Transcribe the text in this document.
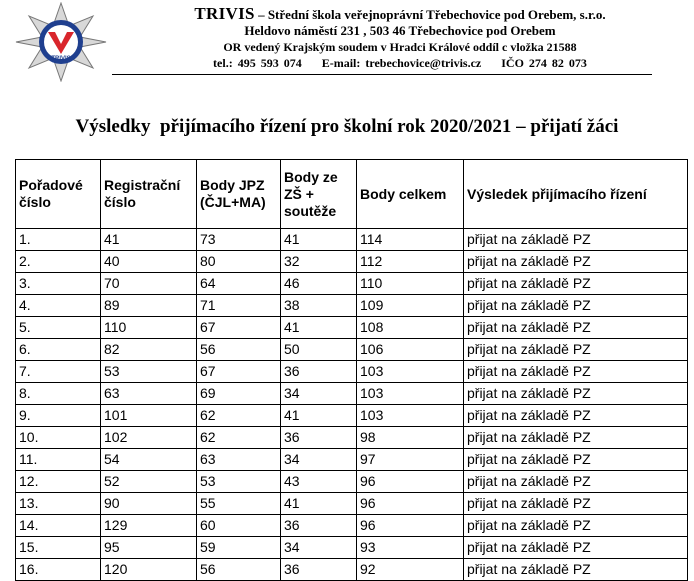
TRIVIS
TRIVIS – Střední škola veřejnoprávní Třebechovice pod Orebem, s.r.o.
Heldovo náměstí 231 , 503 46 Třebechovice pod Orebem
OR vedený Krajským soudem v Hradci Králové oddíl c vložka 21588
tel.: 495 593 074 E-mail: trebechovice@trivis.cz IČO 274 82 073
Výsledky  přijímacího řízení pro školní rok 2020/2021 – přijatí žáci
Pořadové číslo	Registrační číslo	Body JPZ (ČJL+MA)	Body ze ZŠ + soutěže	Body celkem	Výsledek přijímacího řízení
1.	41	73	41	114	přijat na základě PZ
2.	40	80	32	112	přijat na základě PZ
3.	70	64	46	110	přijat na základě PZ
4.	89	71	38	109	přijat na základě PZ
5.	110	67	41	108	přijat na základě PZ
6.	82	56	50	106	přijat na základě PZ
7.	53	67	36	103	přijat na základě PZ
8.	63	69	34	103	přijat na základě PZ
9.	101	62	41	103	přijat na základě PZ
10.	102	62	36	98	přijat na základě PZ
11.	54	63	34	97	přijat na základě PZ
12.	52	53	43	96	přijat na základě PZ
13.	90	55	41	96	přijat na základě PZ
14.	129	60	36	96	přijat na základě PZ
15.	95	59	34	93	přijat na základě PZ
16.	120	56	36	92	přijat na základě PZ
